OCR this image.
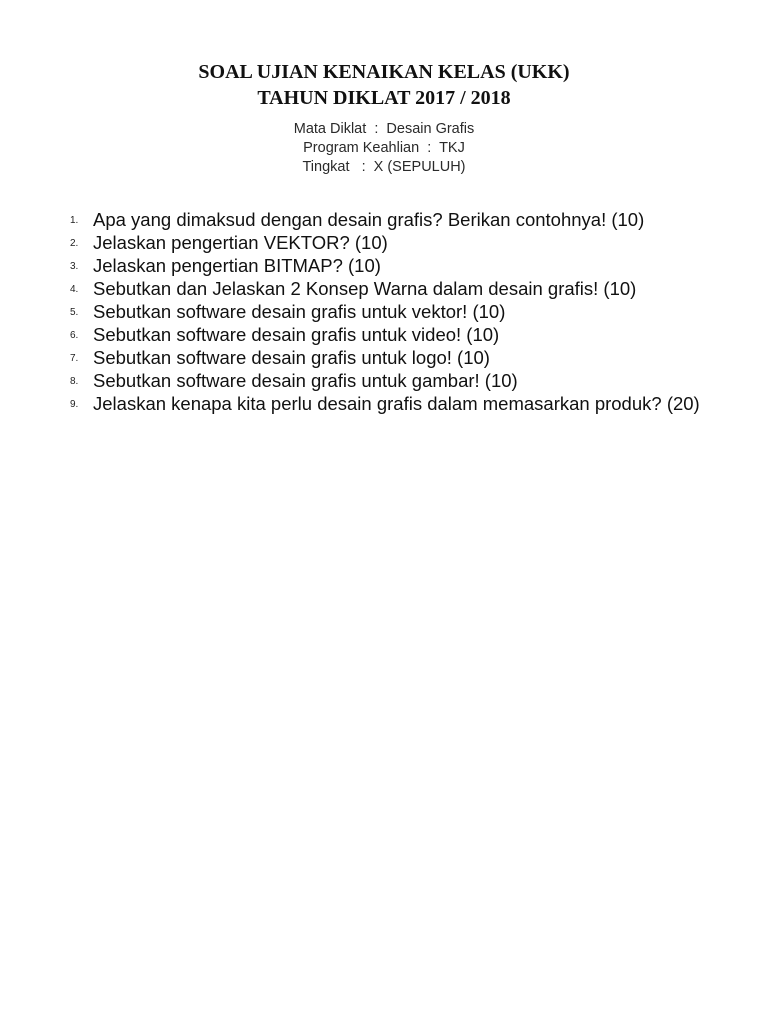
SOAL UJIAN KENAIKAN KELAS (UKK)
TAHUN DIKLAT 2017 / 2018
Mata Diklat  :  Desain Grafis
Program Keahlian  :  TKJ
Tingkat   :  X (SEPULUH)
1. Apa yang dimaksud dengan desain grafis? Berikan contohnya! (10)
2. Jelaskan pengertian VEKTOR? (10)
3. Jelaskan pengertian BITMAP? (10)
4. Sebutkan dan Jelaskan 2 Konsep Warna dalam desain grafis! (10)
5. Sebutkan software desain grafis untuk vektor! (10)
6. Sebutkan software desain grafis untuk video! (10)
7. Sebutkan software desain grafis untuk logo! (10)
8. Sebutkan software desain grafis untuk gambar! (10)
9. Jelaskan kenapa kita perlu desain grafis dalam memasarkan produk? (20)
